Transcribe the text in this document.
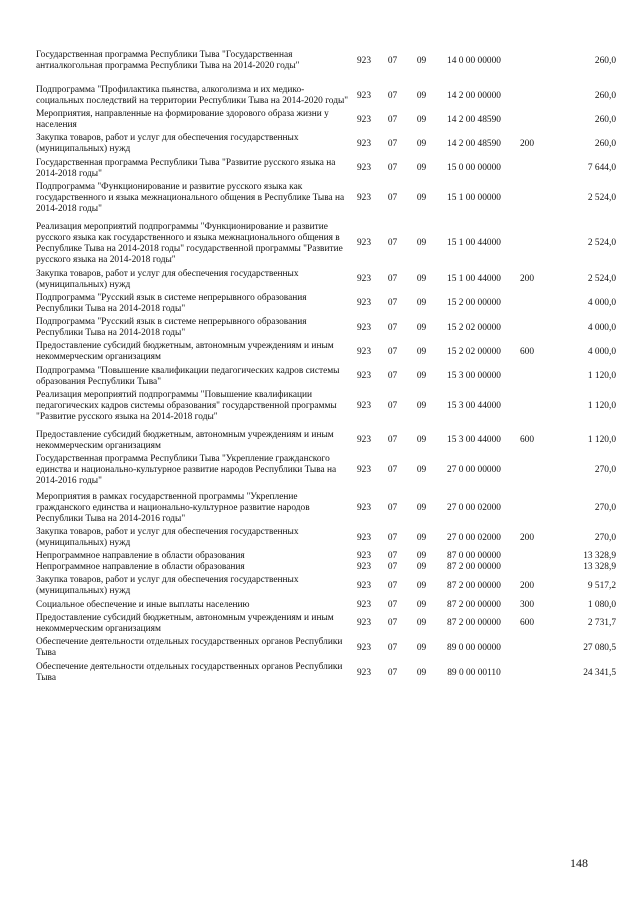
Государственная программа Республики Тыва "Государственная антиалкогольная программа Республики Тыва на 2014-2020 годы"	923	07	09	14 0 00 00000		260,0
Подпрограмма "Профилактика пьянства, алкоголизма и их медико-социальных последствий на территории Республики Тыва на 2014-2020 годы"	923	07	09	14 2 00 00000		260,0
Мероприятия, направленные на формирование здорового образа жизни у населения	923	07	09	14 2 00 48590		260,0
Закупка товаров, работ и услуг для обеспечения государственных (муниципальных) нужд	923	07	09	14 2 00 48590	200	260,0
Государственная программа Республики Тыва "Развитие русского языка на 2014-2018 годы"	923	07	09	15 0 00 00000		7 644,0
Подпрограмма "Функционирование и развитие русского языка как государственного и языка межнационального общения в Республике Тыва на 2014-2018 годы"	923	07	09	15 1 00 00000		2 524,0
Реализация мероприятий подпрограммы "Функционирование и развитие русского языка как государственного и языка межнационального общения в Республике Тыва на 2014-2018 годы" государственной программы "Развитие русского языка на 2014-2018 годы"	923	07	09	15 1 00 44000		2 524,0
Закупка товаров, работ и услуг для обеспечения государственных (муниципальных) нужд	923	07	09	15 1 00 44000	200	2 524,0
Подпрограмма "Русский язык в системе непрерывного образования Республики Тыва на 2014-2018 годы"	923	07	09	15 2 00 00000		4 000,0
Подпрограмма "Русский язык в системе непрерывного образования Республики Тыва на 2014-2018 годы"	923	07	09	15 2 02 00000		4 000,0
Предоставление субсидий бюджетным, автономным учреждениям и иным некоммерческим организациям	923	07	09	15 2 02 00000	600	4 000,0
Подпрограмма "Повышение квалификации педагогических кадров системы образования Республики Тыва"	923	07	09	15 3 00 00000		1 120,0
Реализация мероприятий подпрограммы "Повышение квалификации педагогических кадров системы образования" государственной программы "Развитие русского языка на 2014-2018 годы"	923	07	09	15 3 00 44000		1 120,0
Предоставление субсидий бюджетным, автономным учреждениям и иным некоммерческим организациям	923	07	09	15 3 00 44000	600	1 120,0
Государственная программа Республики Тыва "Укрепление гражданского единства и национально-культурное развитие народов Республики Тыва на 2014-2016 годы"	923	07	09	27 0 00 00000		270,0
Мероприятия в рамках государственной программы "Укрепление гражданского единства и национально-культурное развитие народов Республики Тыва на 2014-2016 годы"	923	07	09	27 0 00 02000		270,0
Закупка товаров, работ и услуг для обеспечения государственных (муниципальных) нужд	923	07	09	27 0 00 02000	200	270,0
Непрограммное направление в области образования	923	07	09	87 0 00 00000		13 328,9
Непрограммное направление в области образования	923	07	09	87 2 00 00000		13 328,9
Закупка товаров, работ и услуг для обеспечения государственных (муниципальных) нужд	923	07	09	87 2 00 00000	200	9 517,2
Социальное обеспечение и иные выплаты населению	923	07	09	87 2 00 00000	300	1 080,0
Предоставление субсидий бюджетным, автономным учреждениям и иным некоммерческим организациям	923	07	09	87 2 00 00000	600	2 731,7
Обеспечение деятельности отдельных государственных органов Республики Тыва	923	07	09	89 0 00 00000		27 080,5
Обеспечение деятельности отдельных государственных органов Республики Тыва	923	07	09	89 0 00 00110		24 341,5
148
